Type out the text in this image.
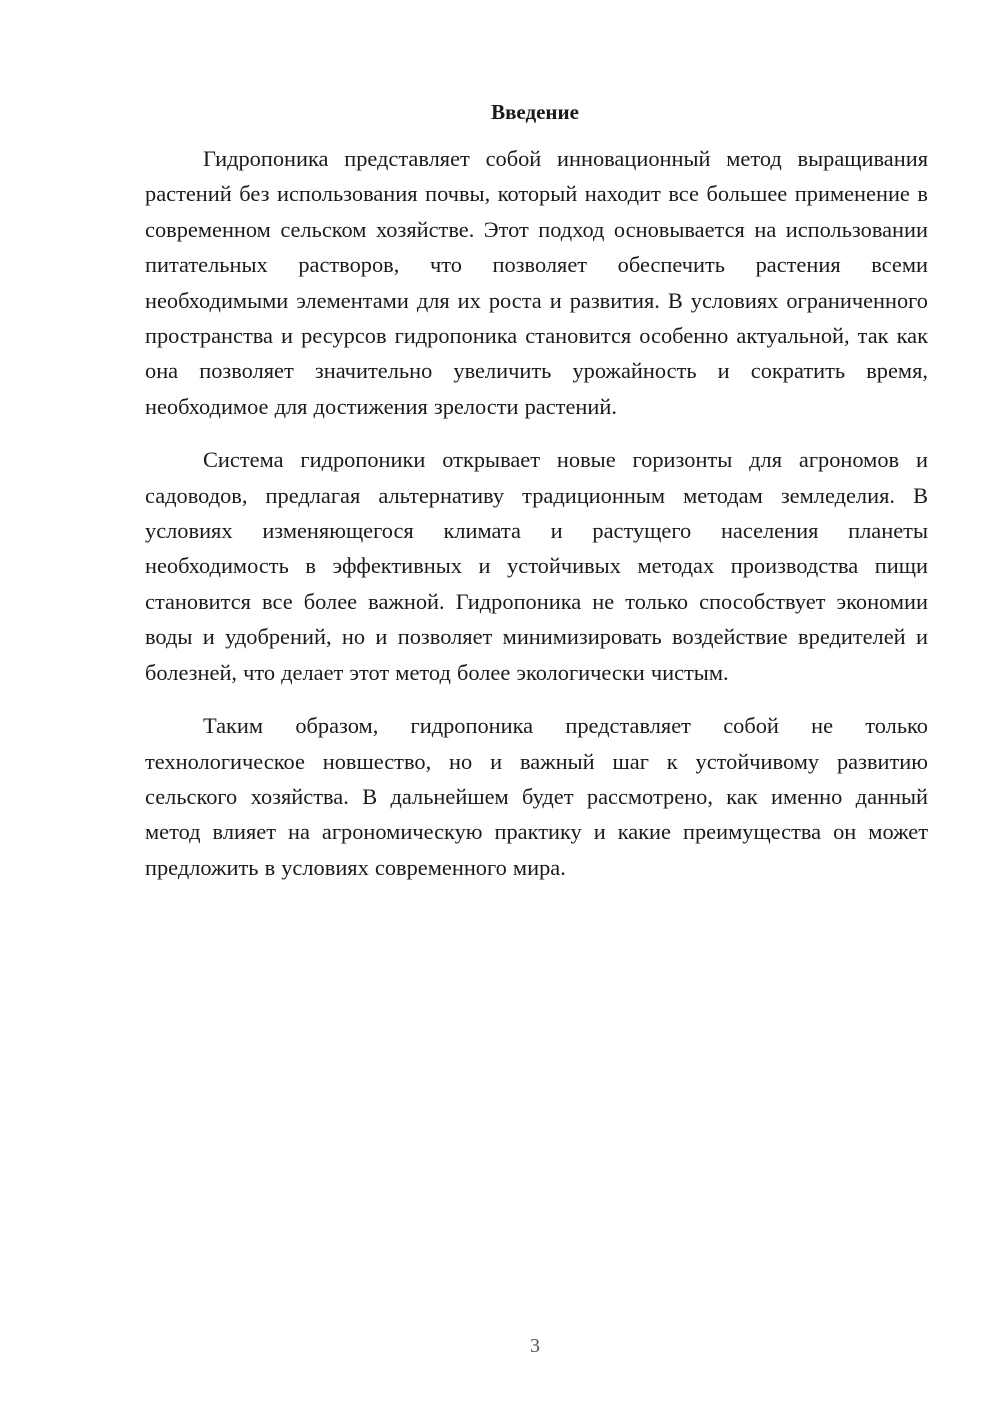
Введение

Гидропоника представляет собой инновационный метод выращивания растений без использования почвы, который находит все большее применение в современном сельском хозяйстве. Этот подход основывается на использовании питательных растворов, что позволяет обеспечить растения всеми необходимыми элементами для их роста и развития. В условиях ограниченного пространства и ресурсов гидропоника становится особенно актуальной, так как она позволяет значительно увеличить урожайность и сократить время, необходимое для достижения зрелости растений.

Система гидропоники открывает новые горизонты для агрономов и садоводов, предлагая альтернативу традиционным методам земледелия. В условиях изменяющегося климата и растущего населения планеты необходимость в эффективных и устойчивых методах производства пищи становится все более важной. Гидропоника не только способствует экономии воды и удобрений, но и позволяет минимизировать воздействие вредителей и болезней, что делает этот метод более экологически чистым.

Таким образом, гидропоника представляет собой не только технологическое новшество, но и важный шаг к устойчивому развитию сельского хозяйства. В дальнейшем будет рассмотрено, как именно данный метод влияет на агрономическую практику и какие преимущества он может предложить в условиях современного мира.

3
